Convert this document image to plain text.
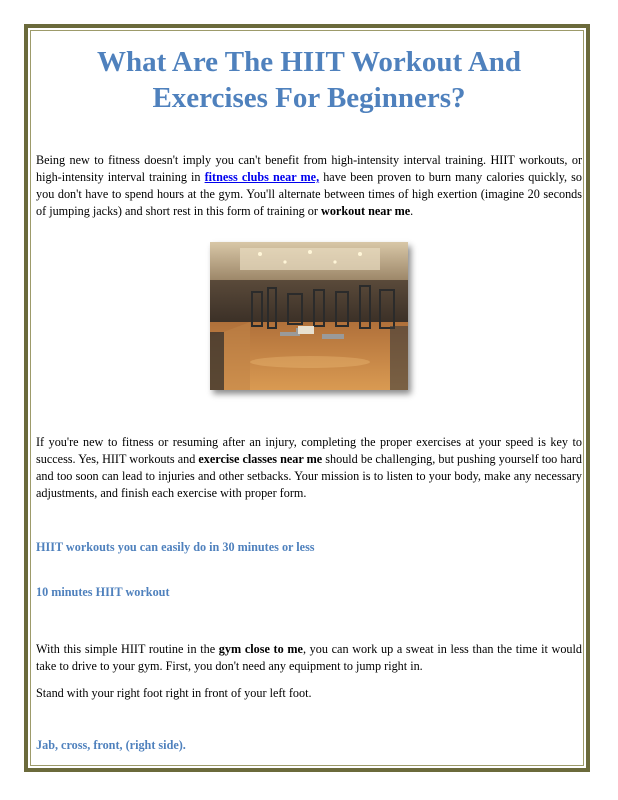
What Are The HIIT Workout And Exercises For Beginners?

Being new to fitness doesn't imply you can't benefit from high-intensity interval training. HIIT workouts, or high-intensity interval training in fitness clubs near me, have been proven to burn many calories quickly, so you don't have to spend hours at the gym. You'll alternate between times of high exertion (imagine 20 seconds of jumping jacks) and short rest in this form of training or workout near me.

If you're new to fitness or resuming after an injury, completing the proper exercises at your speed is key to success. Yes, HIIT workouts and exercise classes near me should be challenging, but pushing yourself too hard and too soon can lead to injuries and other setbacks. Your mission is to listen to your body, make any necessary adjustments, and finish each exercise with proper form.

HIIT workouts you can easily do in 30 minutes or less
10 minutes HIIT workout

With this simple HIIT routine in the gym close to me, you can work up a sweat in less than the time it would take to drive to your gym. First, you don't need any equipment to jump right in.

Stand with your right foot right in front of your left foot.

Jab, cross, front, (right side).
